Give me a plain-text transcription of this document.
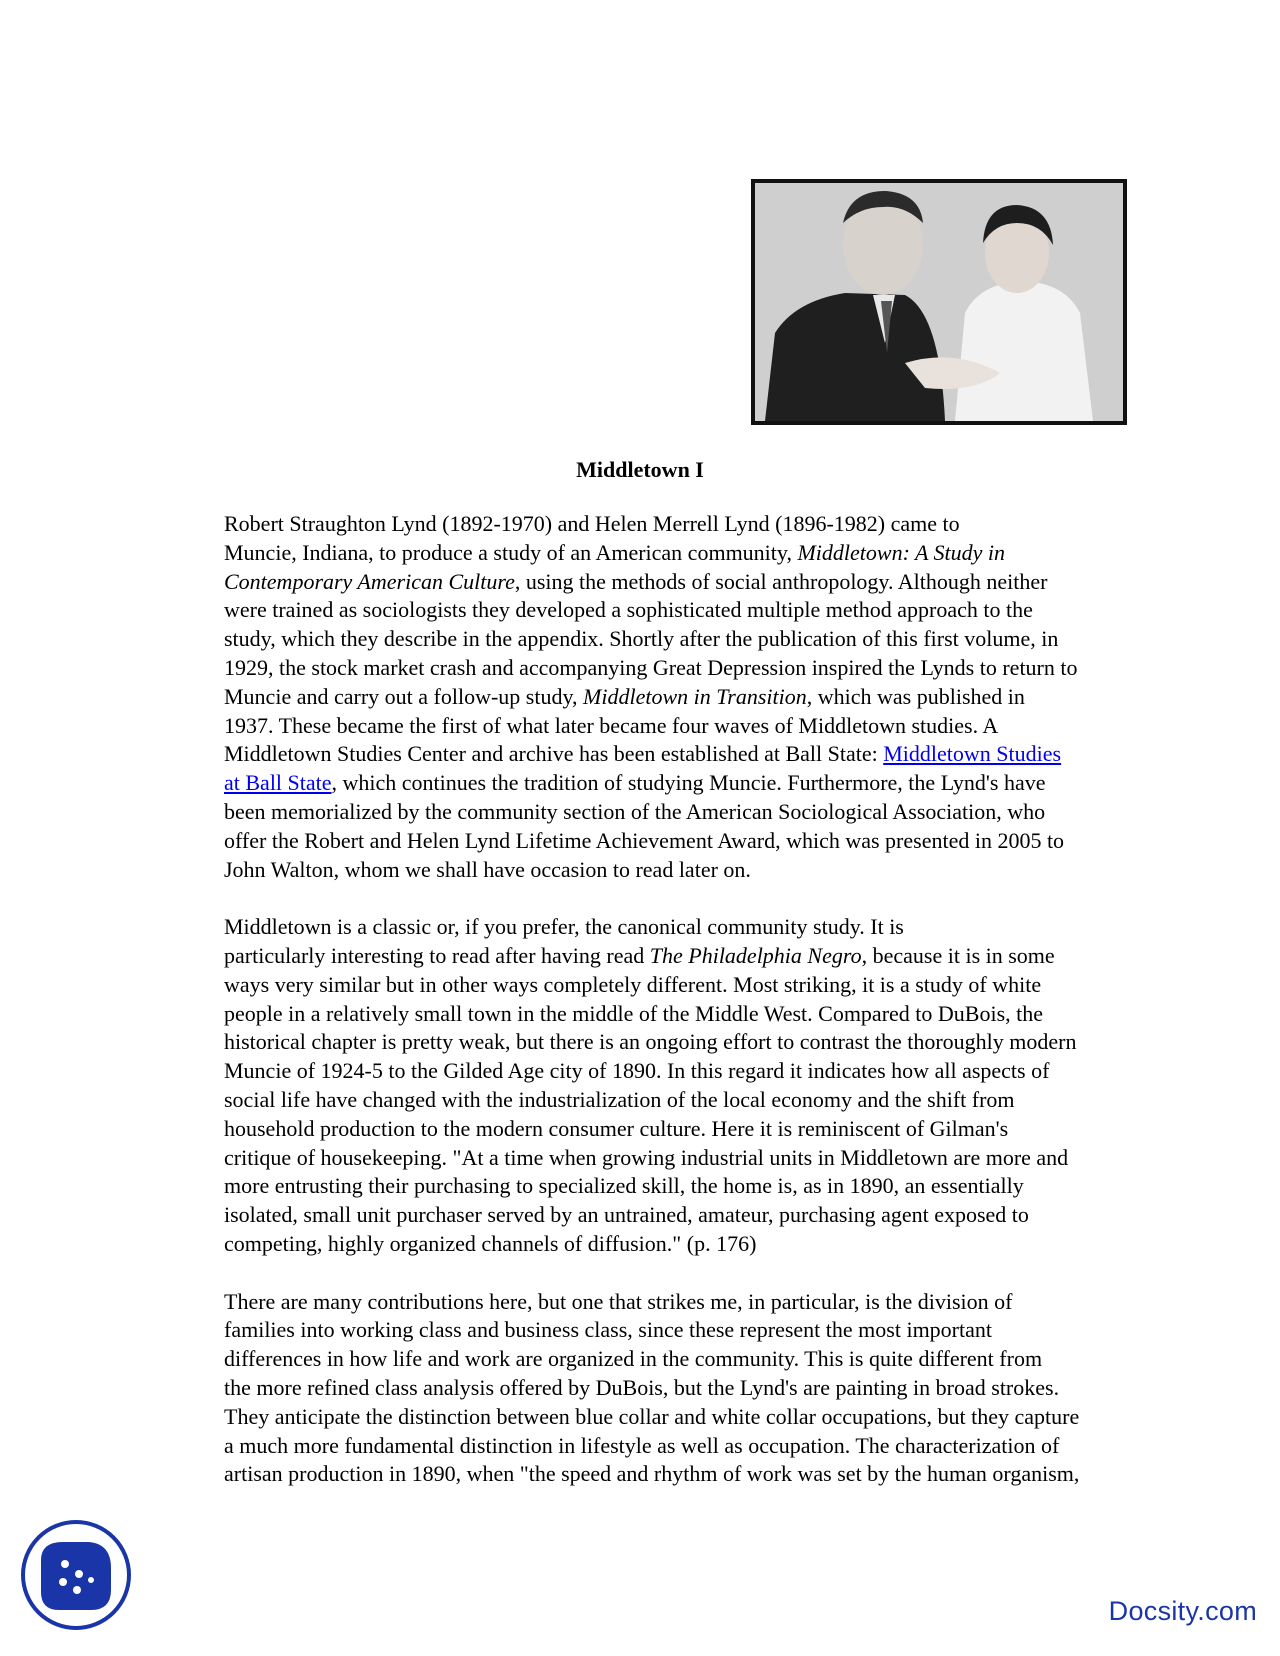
Middletown I

Robert Straughton Lynd (1892-1970) and Helen Merrell Lynd (1896-1982) came to
Muncie, Indiana, to produce a study of an American community, Middletown: A Study in
Contemporary American Culture, using the methods of social anthropology. Although neither
were trained as sociologists they developed a sophisticated multiple method approach to the
study, which they describe in the appendix. Shortly after the publication of this first volume, in
1929, the stock market crash and accompanying Great Depression inspired the Lynds to return to
Muncie and carry out a follow-up study, Middletown in Transition, which was published in
1937. These became the first of what later became four waves of Middletown studies. A
Middletown Studies Center and archive has been established at Ball State: Middletown Studies
at Ball State, which continues the tradition of studying Muncie. Furthermore, the Lynd's have
been memorialized by the community section of the American Sociological Association, who
offer the Robert and Helen Lynd Lifetime Achievement Award, which was presented in 2005 to
John Walton, whom we shall have occasion to read later on.

Middletown is a classic or, if you prefer, the canonical community study. It is
particularly interesting to read after having read The Philadelphia Negro, because it is in some
ways very similar but in other ways completely different. Most striking, it is a study of white
people in a relatively small town in the middle of the Middle West. Compared to DuBois, the
historical chapter is pretty weak, but there is an ongoing effort to contrast the thoroughly modern
Muncie of 1924-5 to the Gilded Age city of 1890. In this regard it indicates how all aspects of
social life have changed with the industrialization of the local economy and the shift from
household production to the modern consumer culture. Here it is reminiscent of Gilman's
critique of housekeeping. "At a time when growing industrial units in Middletown are more and
more entrusting their purchasing to specialized skill, the home is, as in 1890, an essentially
isolated, small unit purchaser served by an untrained, amateur, purchasing agent exposed to
competing, highly organized channels of diffusion." (p. 176)

There are many contributions here, but one that strikes me, in particular, is the division of
families into working class and business class, since these represent the most important
differences in how life and work are organized in the community. This is quite different from
the more refined class analysis offered by DuBois, but the Lynd's are painting in broad strokes.
They anticipate the distinction between blue collar and white collar occupations, but they capture
a much more fundamental distinction in lifestyle as well as occupation. The characterization of
artisan production in 1890, when "the speed and rhythm of work was set by the human organism,

Docsity.com
